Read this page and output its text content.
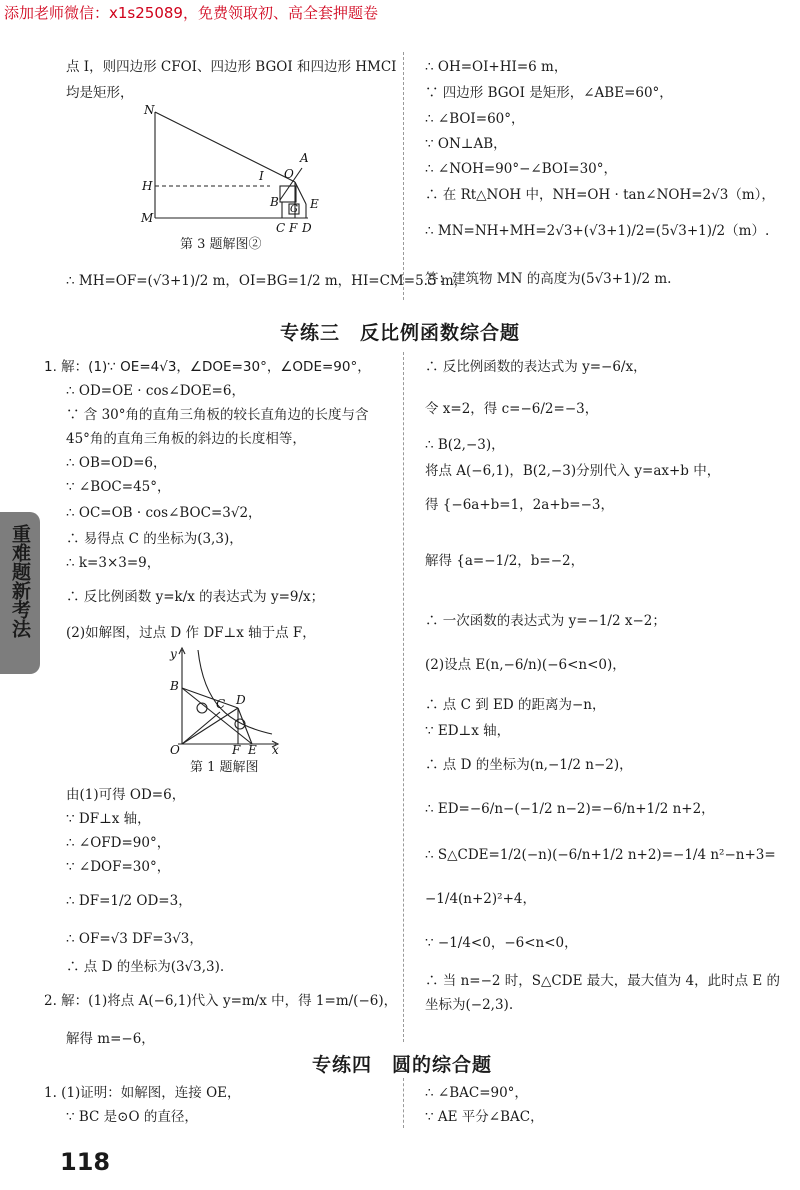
添加老师微信：x1s25089，免费领取初、高全套押题卷
重难题新考法
点 I，则四边形 CFOI、四边形 BGOI 和四边形 HMCI
均是矩形，
N
H
M
I O
A
B
G E
C F D
第 3 题解图②
∴ MH=OF=(√3+1)/2 m，OI=BG=1/2 m，HI=CM=5.5 m，
∴ OH=OI+HI=6 m，
∵ 四边形 BGOI 是矩形，∠ABE=60°，
∴ ∠BOI=60°，
∵ ON⊥AB，
∴ ∠NOH=90°−∠BOI=30°，
∴ 在 Rt△NOH 中，NH=OH · tan∠NOH=2√3（m），
∴ MN=NH+MH=2√3+(√3+1)/2=(5√3+1)/2（m）.
答：建筑物 MN 的高度为(5√3+1)/2 m.
专练三　反比例函数综合题
1. 解：(1)∵ OE=4√3，∠DOE=30°，∠ODE=90°，
∴ OD=OE · cos∠DOE=6，
∵ 含 30°角的直角三角板的较长直角边的长度与含
45°角的直角三角板的斜边的长度相等，
∴ OB=OD=6，
∵ ∠BOC=45°，
∴ OC=OB · cos∠BOC=3√2，
∴ 易得点 C 的坐标为(3,3)，
∴ k=3×3=9，
∴ 反比例函数 y=k/x 的表达式为 y=9/x；
(2)如解图，过点 D 作 DF⊥x 轴于点 F，
y
B
C D
O	F E x
第 1 题解图
由(1)可得 OD=6，
∵ DF⊥x 轴，
∴ ∠OFD=90°，
∵ ∠DOF=30°，
∴ DF=1/2 OD=3，
∴ OF=√3 DF=3√3，
∴ 点 D 的坐标为(3√3,3).
2. 解：(1)将点 A(−6,1)代入 y=m/x 中，得 1=m/(−6)，
解得 m=−6，
∴ 反比例函数的表达式为 y=−6/x，
令 x=2，得 c=−6/2=−3，
∴ B(2,−3)，
将点 A(−6,1)，B(2,−3)分别代入 y=ax+b 中，
得 {−6a+b=1，2a+b=−3，
解得 {a=−1/2，b=−2，
∴ 一次函数的表达式为 y=−1/2 x−2；
(2)设点 E(n,−6/n)(−6<n<0)，
∴ 点 C 到 ED 的距离为−n，
∵ ED⊥x 轴，
∴ 点 D 的坐标为(n,−1/2 n−2)，
∴ ED=−6/n−(−1/2 n−2)=−6/n+1/2 n+2，
∴ S△CDE=1/2(−n)(−6/n+1/2 n+2)=−1/4 n²−n+3=
−1/4(n+2)²+4，
∵ −1/4<0，−6<n<0，
∴ 当 n=−2 时，S△CDE 最大，最大值为 4，此时点 E 的
坐标为(−2,3).
专练四　圆的综合题
1. (1)证明：如解图，连接 OE，
∵ BC 是⊙O 的直径，
∴ ∠BAC=90°，
∵ AE 平分∠BAC，
118
